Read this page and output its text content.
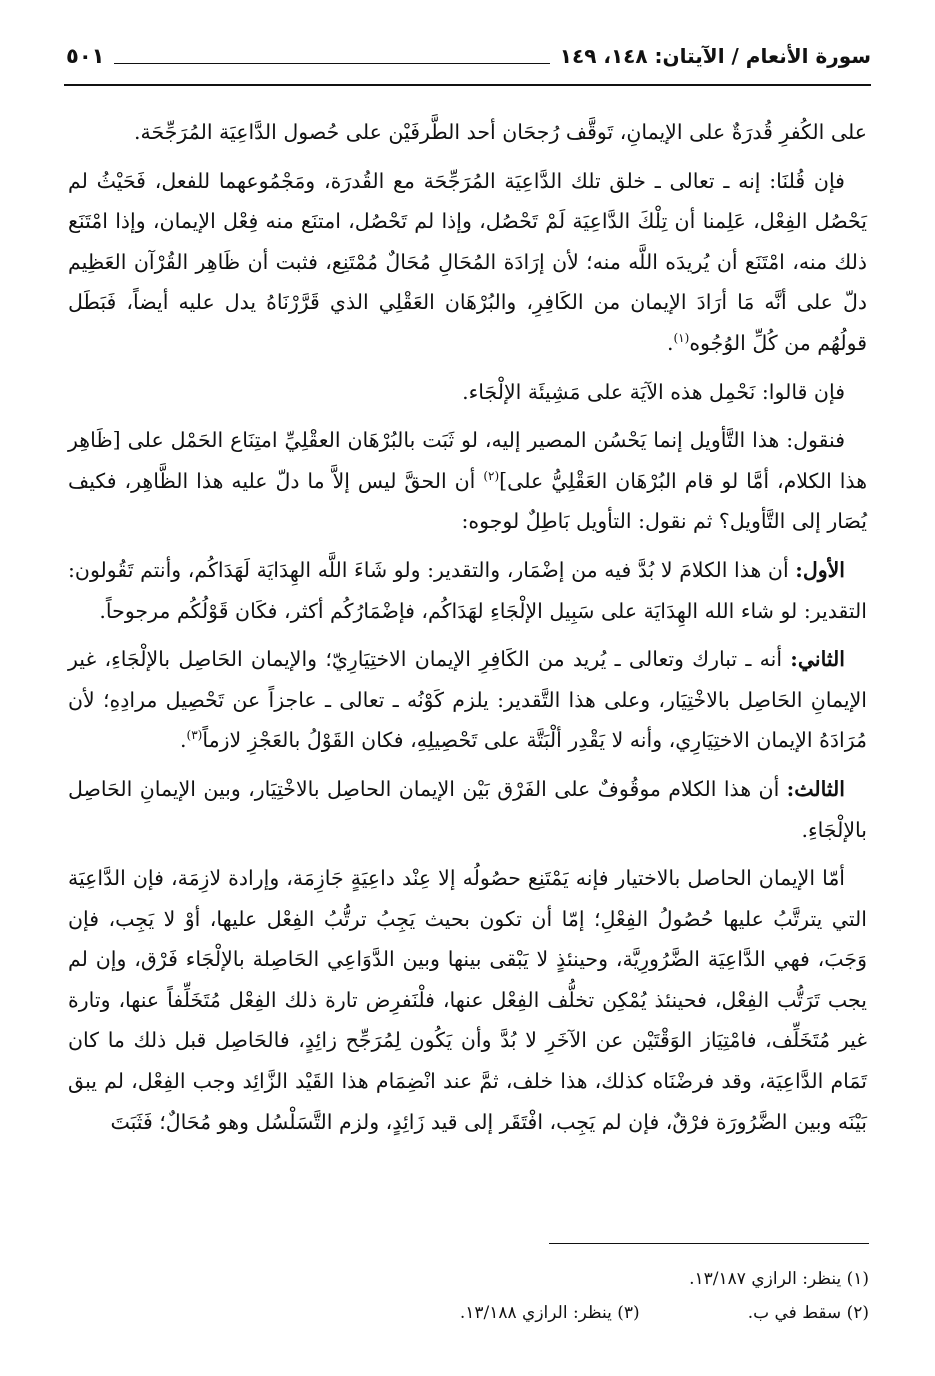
سورة الأنعام / الآيتان: ١٤٨، ١٤٩
٥٠١

على الكُفرِ قُدرَةٌ على الإيمانِ، تَوقَّف رُجحَان أحد الطَّرفَيْن على حُصول الدَّاعِيَة المُرَجِّحَة.

فإن قُلنَا: إنه ـ تعالى ـ خلق تلك الدَّاعِيَة المُرَجِّحَة مع القُدرَة، ومَجْمُوعهما للفعل، فَحَيْثُ لم يَحْصُل الفِعْل، عَلِمنا أن تِلْكَ الدَّاعِيَة لَمْ تَحْصُل، وإذا لم تَحْصُل، امتنَع منه فِعْل الإيمان، وإذا امْتَنَع ذلك منه، امْتَنَع أن يُريدَه اللَّه منه؛ لأن إرَادَة المُحَالِ مُحَالٌ مُمْتَنِع، فثبت أن ظَاهِر القُرْآن العَظِيم دلّ على أنَّه مَا أرَادَ الإيمان من الكَافِرِ، والبُرْهَان العَقْلِي الذي قَرَّرْنَاهُ يدل عليه أيضاً، فَبَطَل قولُهُم من كُلِّ الوُجُوه$^{(١)}$.

فإن قالوا: نَحْمِل هذه الآيَة على مَشِيئَة الإلْجَاء.

فنقول: هذا التَّأويل إنما يَحْسُن المصير إليه، لو ثَبَت بالبُرْهَان العقْلِيِّ امتِنَاع الحَمْل على [ظَاهِر هذا الكلام، أمَّا لو قام البُرْهَان العَقْلِيُّ على]$^{(٢)}$ أن الحقَّ ليس إلاَّ ما دلّ عليه هذا الظَّاهِر، فكيف يُصَار إلى التَّأويل؟ ثم نقول: التأويل بَاطِلٌ لوجوه:

الأول: أن هذا الكلامَ لا بُدَّ فيه من إضْمَار، والتقدير: ولو شَاءَ اللَّه الهِدَايَة لَهَدَاكُم، وأنتم تَقُولون: التقدير: لو شاء الله الهِدَايَة على سَبِيل الإلْجَاءِ لهَدَاكُم، فإضْمَارُكُم أكثر، فكَان قَوْلُكُم مرجوحاً.

الثاني: أنه ـ تبارك وتعالى ـ يُريد من الكَافِرِ الإيمان الاختِيَارِيّ؛ والإيمان الحَاصِل بالإلْجَاءِ، غير الإيمانِ الحَاصِل بالاخْتِيَار، وعلى هذا التَّقدير: يلزم كَوْنُه ـ تعالى ـ عاجزاً عن تَحْصِيل مرادِهِ؛ لأن مُرَادَهُ الإيمان الاختِيَارِي، وأنه لا يَقْدِر ألْبَتَّة على تَحْصِيلِهِ، فكان القَوْلُ بالعَجْزِ لازماً$^{(٣)}$.

الثالث: أن هذا الكلام موقُوفٌ على الفَرْق بَيْن الإيمان الحاصِل بالاخْتِيَار، وبين الإيمانِ الحَاصِل بالإلْجَاءِ.

أمّا الإيمان الحاصل بالاختيار فإنه يَمْتَنِع حصُولُه إلا عِنْد داعِيَةٍ جَازِمَة، وإرادة لازِمَة، فإن الدَّاعِيَة التي يترتَّبُ عليها حُصُولُ الفِعْلِ؛ إمّا أن تكون بحيث يَجِبُ ترتُّبُ الفِعْل عليها، أوْ لا يَجِب، فإن وَجَبَ، فهي الدَّاعِيَة الضَّرُورِيَّة، وحينئذٍ لا يَبْقى بينها وبين الدَّوَاعِي الحَاصِلة بالإلْجَاء فَرْق، وإن لم يجب تَرَتُّب الفِعْل، فحينئذ يُمْكِن تخلُّف الفِعْل عنها، فلْنَفرِض تارة ذلك الفِعْل مُتَخَلِّفاً عنها، وتارة غير مُتَخَلِّف، فامْتِيَاز الوَقْتَيْن عن الآخَرِ لا بُدَّ وأن يَكُون لِمُرَجِّح زائِدٍ، فالحَاصِل قبل ذلك ما كان تَمَام الدَّاعِيَة، وقد فرضْنَاه كذلك، هذا خلف، ثمَّ عند انْضِمَام هذا القَيْد الزَّائِد وجب الفِعْل، لم يبق بَيْنَه وبين الضَّرُورَة فرْقٌ، فإن لم يَجِب، افْتَقَر إلى قيد زَائِدٍ، ولزم التَّسَلْسُل وهو مُحَالٌ؛ فَثَبَتَ

(١) ينظر: الرازي ١٣/١٨٧.
(٢) سقط في ب.
(٣) ينظر: الرازي ١٣/١٨٨.
